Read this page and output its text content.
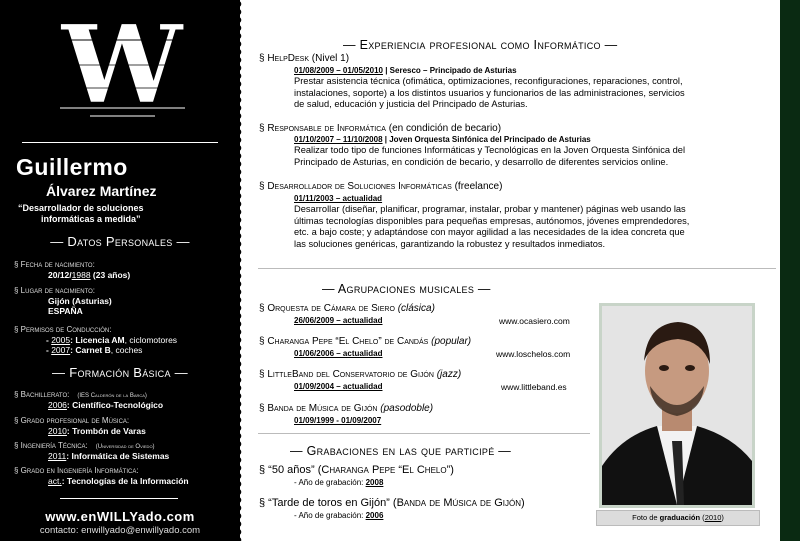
W
Guillermo
Álvarez Martínez
“Desarrollador de soluciones
informáticas a medida”
— Datos Personales —
§ Fecha de nacimiento:
20/12/1988 (23 años)
§ Lugar de nacimiento:
Gijón (Asturias)
ESPAÑA
§ Permisos de Conducción:
- 2005: Licencia AM, ciclomotores
- 2007: Carnet B, coches
— Formación Básica —
§ Bachillerato: (IES Calderón de la Barca)
2006: Científico-Tecnológico
§ Grado profesional de Música:
2010: Trombón de Varas
§ Ingeniería Técnica: (Universidad de Oviedo)
2011: Informática de Sistemas
§ Grado en Ingeniería Informática:
act.: Tecnologías de la Información
www.enWILLYado.com
contacto: enwillyado@enwillyado.com
— Experiencia profesional como Informático —
§ HelpDesk (Nivel 1)
01/08/2009 – 01/05/2010 | Seresco – Principado de Asturias
Prestar asistencia técnica (ofimática, optimizaciones, reconfiguraciones, reparaciones, control,
instalaciones, soporte) a los distintos usuarios y funcionarios de las administraciones, servicios
de salud, educación y justicia del Principado de Asturias.
§ Responsable de Informática (en condición de becario)
01/10/2007 – 11/10/2008 | Joven Orquesta Sinfónica del Principado de Asturias
Realizar todo tipo de funciones Informáticas y Tecnológicas en la Joven Orquesta Sinfónica del
Principado de Asturias, en condición de becario, y desarrollo de diferentes servicios online.
§ Desarrollador de Soluciones Informáticas (freelance)
01/11/2003 – actualidad
Desarrollar (diseñar, planificar, programar, instalar, probar y mantener) páginas web usando las
últimas tecnologías disponibles para pequeñas empresas, autónomos, jóvenes emprendedores,
etc. a bajo coste; y adaptándose con mayor agilidad a las necesidades de la idea concreta que
las soluciones genéricas, garantizando la robustez y resultados inmediatos.
— Agrupaciones musicales —
§ Orquesta de Cámara de Siero (clásica)
26/06/2009 – actualidad	www.ocasiero.com
§ Charanga Pepe “El Chelo” de Candás (popular)
01/06/2006 – actualidad	www.loschelos.com
§ LittleBand del Conservatorio de Gijón (jazz)
01/09/2004 – actualidad	www.littleband.es
§ Banda de Música de Gijón (pasodoble)
01/09/1999 - 01/09/2007
— Grabaciones en las que participé —
§ “50 años” (Charanga Pepe “El Chelo”)
- Año de grabación: 2008
§ “Tarde de toros en Gijón” (Banda de Música de Gijón)
- Año de grabación: 2006	Foto de graduación (2010)
